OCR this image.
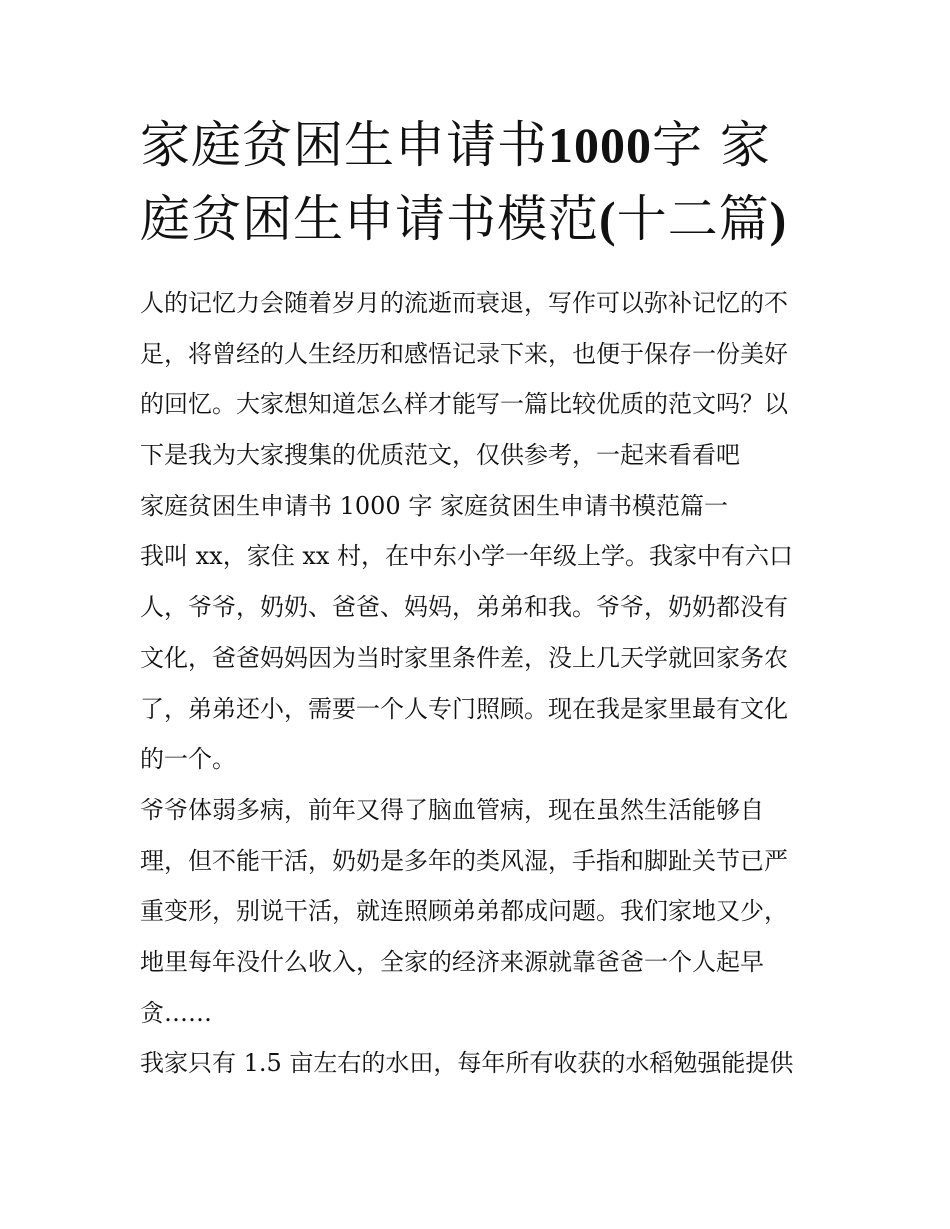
家庭贫困生申请书1000字 家
庭贫困生申请书模范(十二篇)
人的记忆力会随着岁月的流逝而衰退，写作可以弥补记忆的不
足，将曾经的人生经历和感悟记录下来，也便于保存一份美好
的回忆。大家想知道怎么样才能写一篇比较优质的范文吗？以
下是我为大家搜集的优质范文，仅供参考，一起来看看吧
家庭贫困生申请书 1000 字 家庭贫困生申请书模范篇一
我叫 xx，家住 xx 村，在中东小学一年级上学。我家中有六口
人，爷爷，奶奶、爸爸、妈妈，弟弟和我。爷爷，奶奶都没有
文化，爸爸妈妈因为当时家里条件差，没上几天学就回家务农
了，弟弟还小，需要一个人专门照顾。现在我是家里最有文化
的一个。
爷爷体弱多病，前年又得了脑血管病，现在虽然生活能够自
理，但不能干活，奶奶是多年的类风湿，手指和脚趾关节已严
重变形，别说干活，就连照顾弟弟都成问题。我们家地又少，
地里每年没什么收入，全家的经济来源就靠爸爸一个人起早
贪……
我家只有 1.5 亩左右的水田，每年所有收获的水稻勉强能提供
